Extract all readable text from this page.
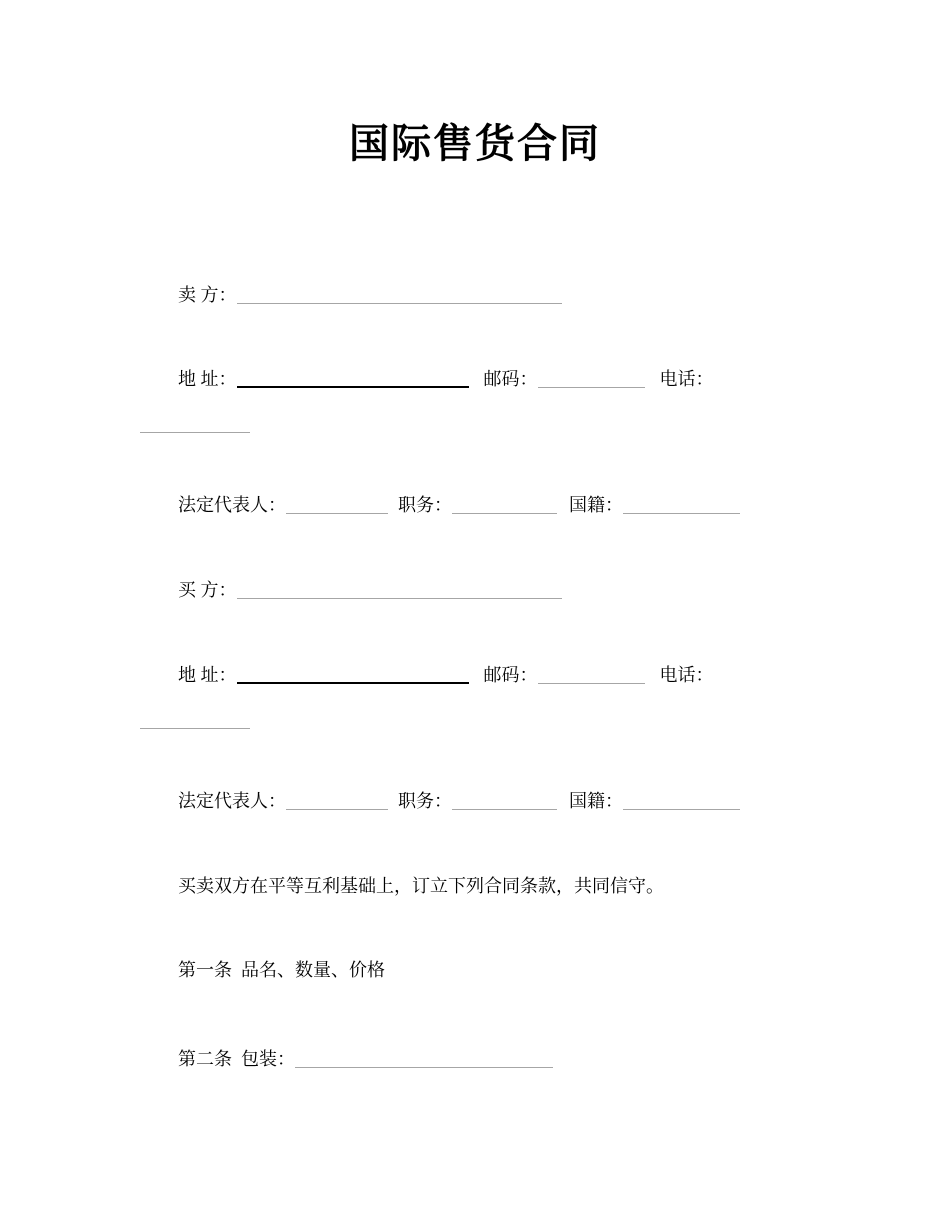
国际售货合同
卖 方：
地 址：	邮码：	电话：
法定代表人：	职务：	国籍：
买 方：
地 址：	邮码：	电话：
法定代表人：	职务：	国籍：
买卖双方在平等互利基础上，订立下列合同条款，共同信守。
第一条  品名、数量、价格
第二条  包装：
